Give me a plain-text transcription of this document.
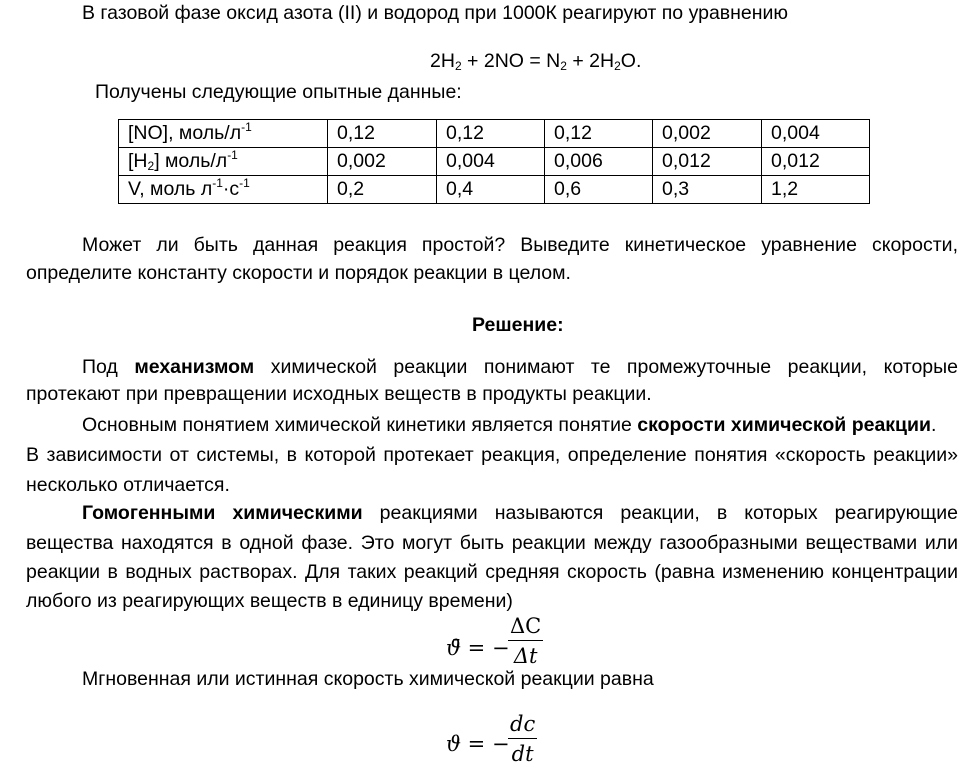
В газовой фазе оксид азота (II) и водород при 1000К реагируют по уравнению
$2H_2 + 2NO = N_2 + 2H_2O$.
Получены следующие опытные данные:
[NO], моль/$л^{-1}$	0,12	0,12	0,12	0,002	0,004
$[H_2]$ моль/$л^{-1}$	0,002	0,004	0,006	0,012	0,012
V, моль $л^{-1}\cdot с^{-1}$	0,2	0,4	0,6	0,3	1,2
Может ли быть данная реакция простой? Выведите кинетическое уравнение скорости,
определите константу скорости и порядок реакции в целом.
Решение:
Под механизмом химической реакции понимают те промежуточные реакции, которые
протекают при превращении исходных веществ в продукты реакции.
Основным понятием химической кинетики является понятие скорости химической реакции.
В зависимости от системы, в которой протекает реакция, определение понятия «скорость реакции»
несколько отличается.
Гомогенными химическими реакциями называются реакции, в которых реагирующие
вещества находятся в одной фазе. Это могут быть реакции между газообразными веществами или
реакции в водных растворах. Для таких реакций средняя скорость (равна изменению концентрации
любого из реагирующих веществ в единицу времени)
ϑ̄ = −
ΔC
Δt
Мгновенная или истинная скорость химической реакции равна
ϑ = −
dc
dt
